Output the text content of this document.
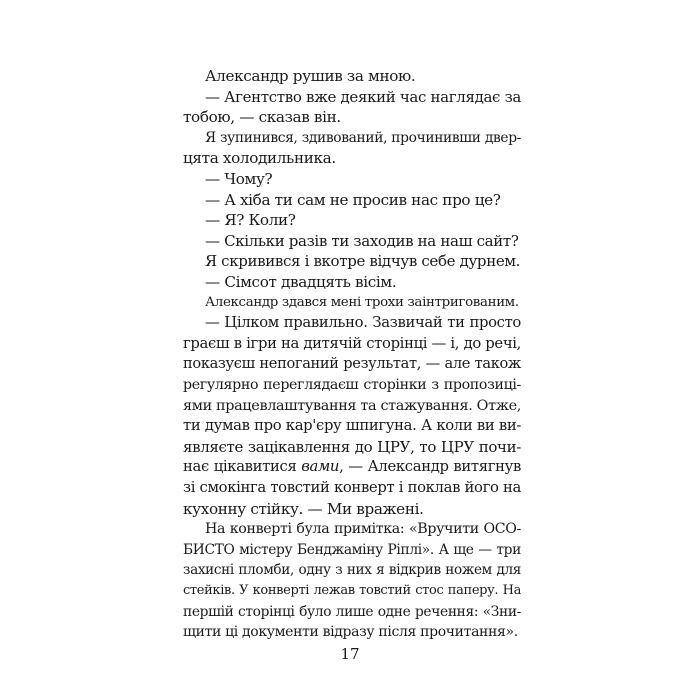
Александр рушив за мною.
— Агентство вже деякий час наглядає за
тобою, — сказав він.
Я зупинився, здивований, прочинивши двер-
цята холодильника.
— Чому?
— А хіба ти сам не просив нас про це?
— Я? Коли?
— Скільки разів ти заходив на наш сайт?
Я скривився і вкотре відчув себе дурнем.
— Сімсот двадцять вісім.
Александр здався мені трохи заінтригованим.
— Цілком правильно. Зазвичай ти просто
граєш в ігри на дитячій сторінці — і, до речі,
показуєш непоганий результат, — але також
регулярно переглядаєш сторінки з пропозиці-
ями працевлаштування та стажування. Отже,
ти думав про кар'єру шпигуна. А коли ви ви-
являєте зацікавлення до ЦРУ, то ЦРУ почи-
нає цікавитися вами, — Александр витягнув
зі смокінга товстий конверт і поклав його на
кухонну стійку. — Ми вражені.
На конверті була примітка: «Вручити ОСО-
БИСТО містеру Бенджаміну Ріплі». А ще — три
захисні пломби, одну з них я відкрив ножем для
стейків. У конверті лежав товстий стос паперу. На
першій сторінці було лише одне речення: «Зни-
щити ці документи відразу після прочитання».
17
